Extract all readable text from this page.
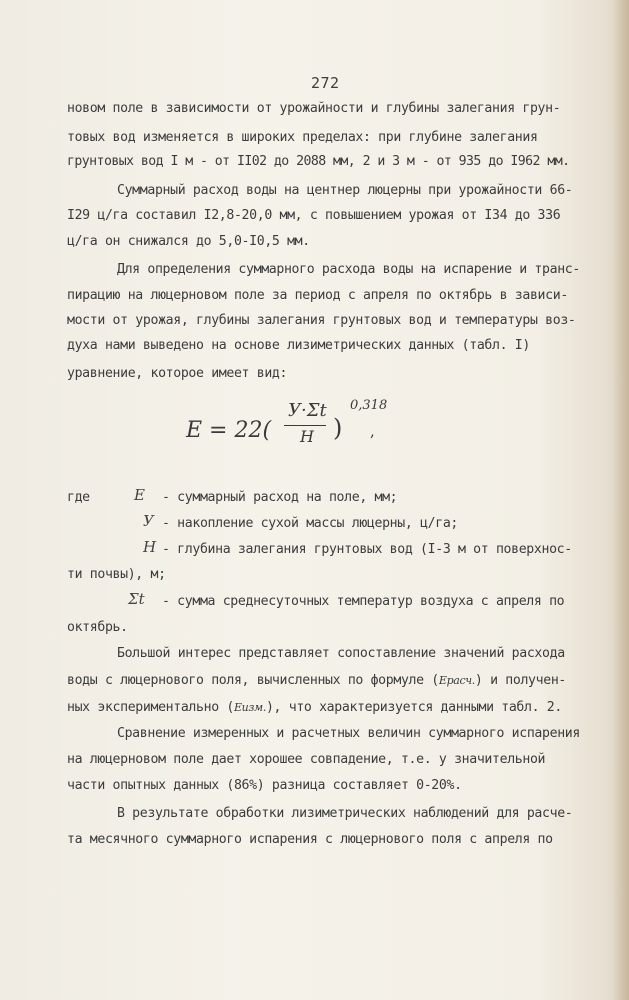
272
новом поле в зависимости от урожайности и глубины залегания грун-
товых вод изменяется в широких пределах: при глубине залегания
грунтовых вод I м - от II02 до 2088 мм, 2 и 3 м - от 935 до I962 мм.
Суммарный расход воды на центнер люцерны при урожайности 66-
I29 ц/га составил I2,8-20,0 мм, с повышением урожая от I34 до 336
ц/га он снижался до 5,0-I0,5 мм.
Для определения суммарного расхода воды на испарение и транс-
пирацию на люцерновом поле за период с апреля по октябрь в зависи-
мости от урожая, глубины залегания грунтовых вод и температуры воз-
духа нами выведено на основе лизиметрических данных (табл. I)
уравнение, которое имеет вид:
E = 22(
У·Σt
H )
0,318
,
где	E - суммарный расход на поле, мм;
У - накопление сухой массы люцерны, ц/га;
H - глубина залегания грунтовых вод (I-3 м от поверхнос-
ти почвы), м;
Σt - сумма среднесуточных температур воздуха с апреля по
октябрь.
Большой интерес представляет сопоставление значений расхода
воды с люцернового поля, вычисленных по формуле (Eрасч.) и получен-
ных экспериментально (Eизм.), что характеризуется данными табл. 2.
Сравнение измеренных и расчетных величин суммарного испарения
на люцерновом поле дает хорошее совпадение, т.е. у значительной
части опытных данных (86%) разница составляет 0-20%.
В результате обработки лизиметрических наблюдений для расче-
та месячного суммарного испарения с люцернового поля с апреля по
